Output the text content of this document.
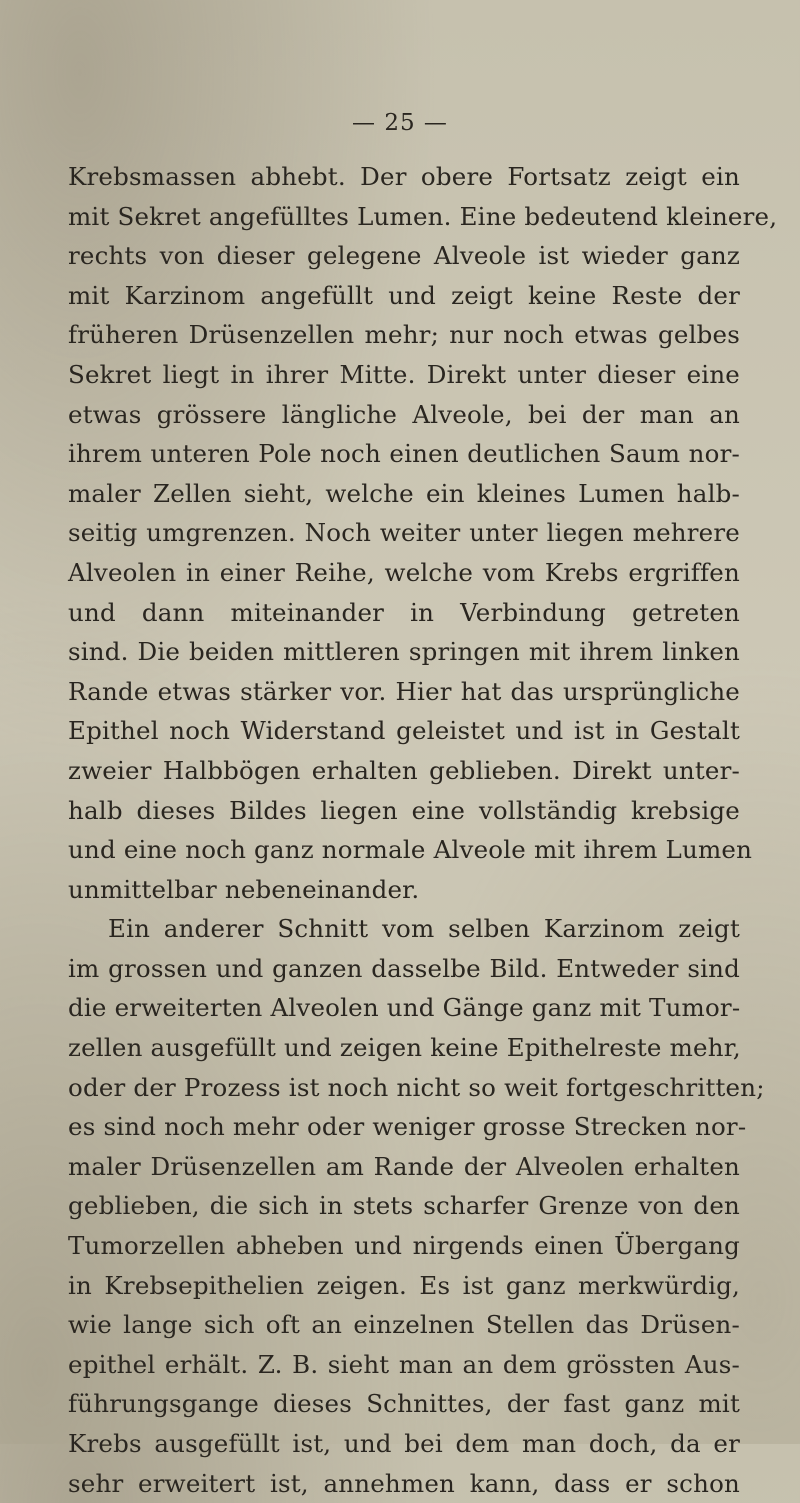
— 25 —
Krebsmassen abhebt. Der obere Fortsatz zeigt ein
mit Sekret angefülltes Lumen. Eine bedeutend kleinere,
rechts von dieser gelegene Alveole ist wieder ganz
mit Karzinom angefüllt und zeigt keine Reste der
früheren Drüsenzellen mehr; nur noch etwas gelbes
Sekret liegt in ihrer Mitte. Direkt unter dieser eine
etwas grössere längliche Alveole, bei der man an
ihrem unteren Pole noch einen deutlichen Saum nor-
maler Zellen sieht, welche ein kleines Lumen halb-
seitig umgrenzen. Noch weiter unter liegen mehrere
Alveolen in einer Reihe, welche vom Krebs ergriffen
und dann miteinander in Verbindung getreten
sind. Die beiden mittleren springen mit ihrem linken
Rande etwas stärker vor. Hier hat das ursprüngliche
Epithel noch Widerstand geleistet und ist in Gestalt
zweier Halbbögen erhalten geblieben. Direkt unter-
halb dieses Bildes liegen eine vollständig krebsige
und eine noch ganz normale Alveole mit ihrem Lumen
unmittelbar nebeneinander.
Ein anderer Schnitt vom selben Karzinom zeigt
im grossen und ganzen dasselbe Bild. Entweder sind
die erweiterten Alveolen und Gänge ganz mit Tumor-
zellen ausgefüllt und zeigen keine Epithelreste mehr,
oder der Prozess ist noch nicht so weit fortgeschritten;
es sind noch mehr oder weniger grosse Strecken nor-
maler Drüsenzellen am Rande der Alveolen erhalten
geblieben, die sich in stets scharfer Grenze von den
Tumorzellen abheben und nirgends einen Übergang
in Krebsepithelien zeigen. Es ist ganz merkwürdig,
wie lange sich oft an einzelnen Stellen das Drüsen-
epithel erhält. Z. B. sieht man an dem grössten Aus-
führungsgange dieses Schnittes, der fast ganz mit
Krebs ausgefüllt ist, und bei dem man doch, da er
sehr erweitert ist, annehmen kann, dass er schon
